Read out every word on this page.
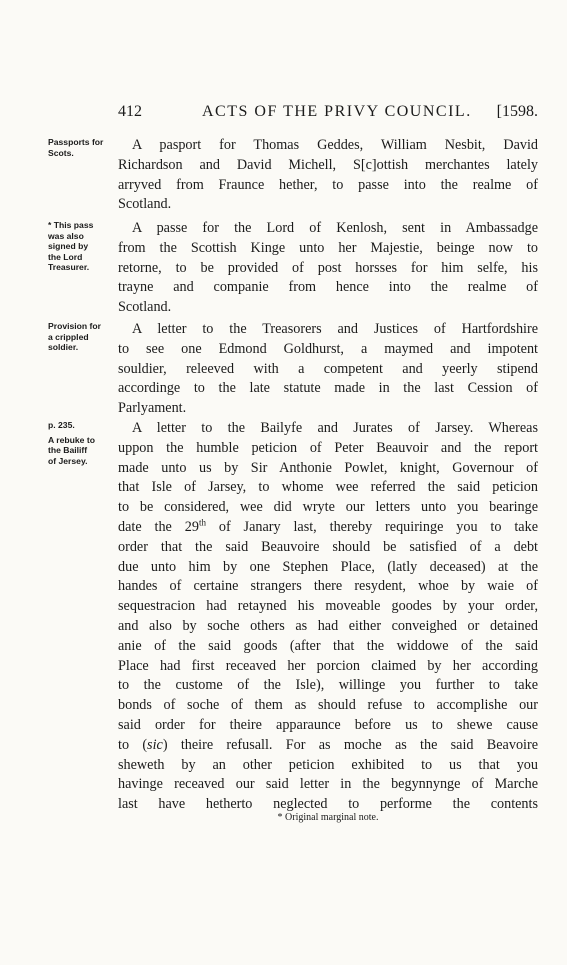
412	ACTS OF THE PRIVY COUNCIL. [1598.
Passports for
Scots.	A pasport for Thomas Geddes, William Nesbit, David
Richardson and David Michell, S[c]ottish merchantes lately
arryved from Fraunce hether, to passe into the realme of
Scotland.
* This pass
was also
signed by
the Lord
Treasurer.
A passe for the Lord of Kenlosh, sent in Ambassadge
from the Scottish Kinge unto her Majestie, beinge now to
retorne, to be provided of post horsses for him selfe, his
trayne and companie from hence into the realme of
Scotland.
Provision for
a crippled
soldier.
A letter to the Treasorers and Justices of Hartfordshire
to see one Edmond Goldhurst, a maymed and impotent
souldier, releeved with a competent and yeerly stipend
accordinge to the late statute made in the last Cession of
Parlyament.
p. 235.
A rebuke to
the Bailiff
of Jersey.
A letter to the Bailyfe and Jurates of Jarsey. Whereas
uppon the humble peticion of Peter Beauvoir and the report
made unto us by Sir Anthonie Powlet, knight, Governour of
that Isle of Jarsey, to whome wee referred the said peticion
to be considered, wee did wryte our letters unto you bearinge
date the 29th of Janary last, thereby requiringe you to take
order that the said Beauvoire should be satisfied of a debt
due unto him by one Stephen Place, (latly deceased) at the
handes of certaine strangers there resydent, whoe by waie of
sequestracion had retayned his moveable goodes by your order,
and also by soche others as had either conveighed or detained
anie of the said goods (after that the widdowe of the said
Place had first receaved her porcion claimed by her according
to the custome of the Isle), willinge you further to take
bonds of soche of them as should refuse to accomplishe our
said order for theire apparaunce before us to shewe cause
to (sic) theire refusall. For as moche as the said Beavoire
sheweth by an other peticion exhibited to us that you
havinge receaved our said letter in the begynnynge of Marche
last have hetherto neglected to performe the contents
* Original marginal note.
